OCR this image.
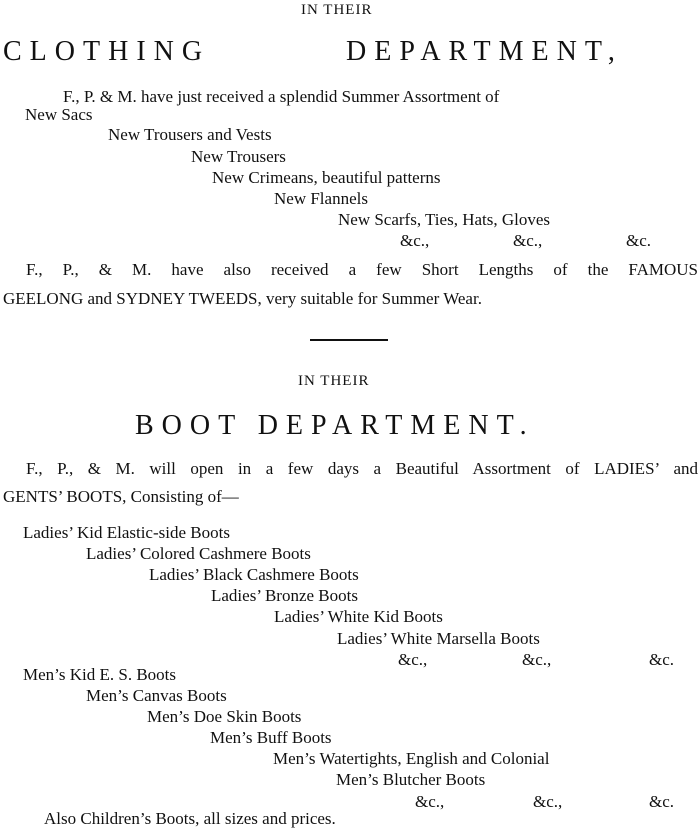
IN THEIR
CLOTHING	DEPARTMENT,
F., P. & M. have just received a splendid Summer Assortment of
New Sacs
New Trousers and Vests
New Trousers
New Crimeans, beautiful patterns
New Flannels
New Scarfs, Ties, Hats, Gloves
&c.,	&c.,	&c.
F., P., & M. have also received a few Short Lengths of the FAMOUS
GEELONG and SYDNEY TWEEDS, very suitable for Summer Wear.
IN THEIR
BOOT DEPARTMENT.
F., P., & M. will open in a few days a Beautiful Assortment of LADIES’ and
GENTS’ BOOTS, Consisting of—
Ladies’ Kid Elastic-side Boots
Ladies’ Colored Cashmere Boots
Ladies’ Black Cashmere Boots
Ladies’ Bronze Boots
Ladies’ White Kid Boots
Ladies’ White Marsella Boots
&c.,	&c.,	&c.
Men’s Kid E. S. Boots
Men’s Canvas Boots
Men’s Doe Skin Boots
Men’s Buff Boots
Men’s Watertights, English and Colonial
Men’s Blutcher Boots
&c.,	&c.,	&c.
Also Children’s Boots, all sizes and prices.
